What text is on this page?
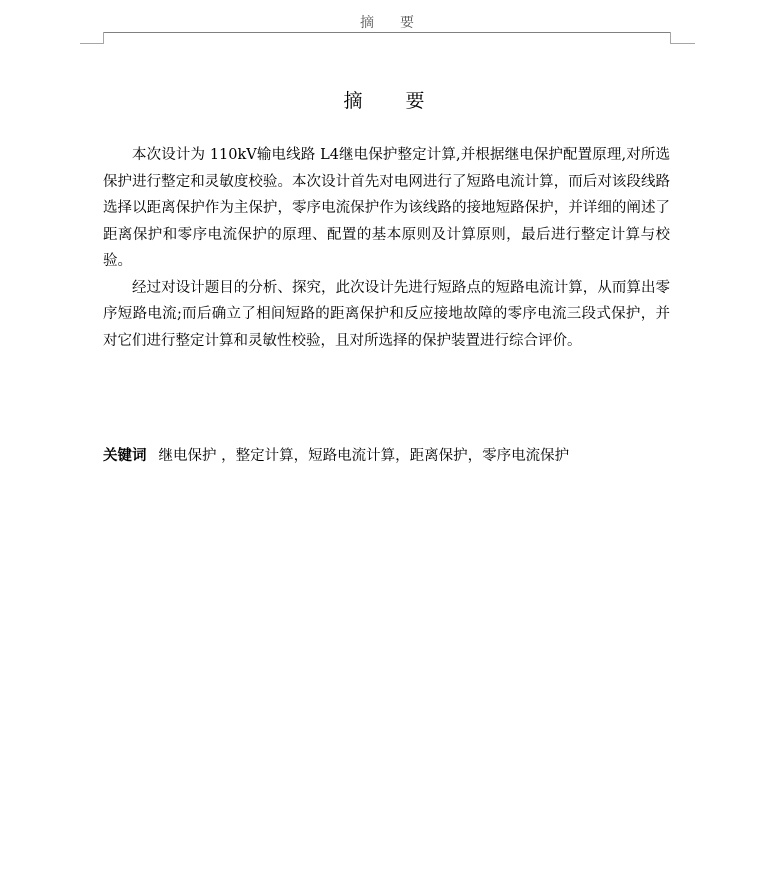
摘　要
摘　要

本次设计为 110kV输电线路 L4继电保护整定计算,并根据继电保护配置原理,对所选保护进行整定和灵敏度校验。本次设计首先对电网进行了短路电流计算，而后对该段线路选择以距离保护作为主保护，零序电流保护作为该线路的接地短路保护，并详细的阐述了距离保护和零序电流保护的原理、配置的基本原则及计算原则，最后进行整定计算与校验。

经过对设计题目的分析、探究，此次设计先进行短路点的短路电流计算，从而算出零序短路电流;而后确立了相间短路的距离保护和反应接地故障的零序电流三段式保护，并对它们进行整定计算和灵敏性校验，且对所选择的保护装置进行综合评价。

关键词 继电保护 ，整定计算，短路电流计算，距离保护，零序电流保护
